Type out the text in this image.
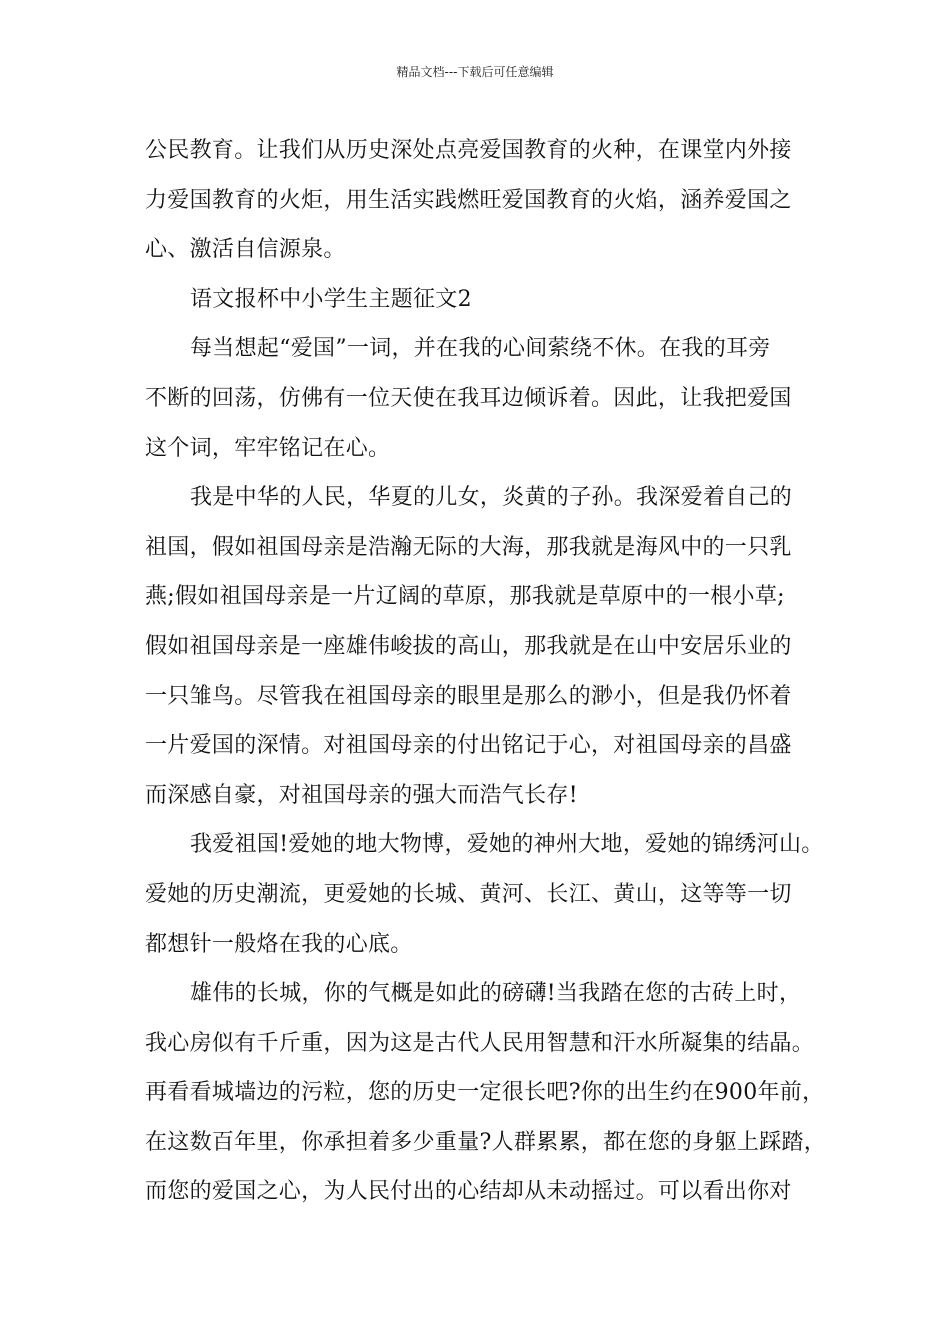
精品文档---下载后可任意编辑
公民教育。让我们从历史深处点亮爱国教育的火种，在课堂内外接
力爱国教育的火炬，用生活实践燃旺爱国教育的火焰，涵养爱国之
心、激活自信源泉。
语文报杯中小学生主题征文2
每当想起“爱国”一词，并在我的心间萦绕不休。在我的耳旁
不断的回荡，仿佛有一位天使在我耳边倾诉着。因此，让我把爱国
这个词，牢牢铭记在心。
我是中华的人民，华夏的儿女，炎黄的子孙。我深爱着自己的
祖国，假如祖国母亲是浩瀚无际的大海，那我就是海风中的一只乳
燕;假如祖国母亲是一片辽阔的草原，那我就是草原中的一根小草;
假如祖国母亲是一座雄伟峻拔的高山，那我就是在山中安居乐业的
一只雏鸟。尽管我在祖国母亲的眼里是那么的渺小，但是我仍怀着
一片爱国的深情。对祖国母亲的付出铭记于心，对祖国母亲的昌盛
而深感自豪，对祖国母亲的强大而浩气长存!
我爱祖国!爱她的地大物博，爱她的神州大地，爱她的锦绣河山。
爱她的历史潮流，更爱她的长城、黄河、长江、黄山，这等等一切
都想针一般烙在我的心底。
雄伟的长城，你的气概是如此的磅礴!当我踏在您的古砖上时，
我心房似有千斤重，因为这是古代人民用智慧和汗水所凝集的结晶。
再看看城墙边的污粒，您的历史一定很长吧?你的出生约在900年前，
在这数百年里，你承担着多少重量?人群累累，都在您的身躯上踩踏，
而您的爱国之心，为人民付出的心结却从未动摇过。可以看出你对
